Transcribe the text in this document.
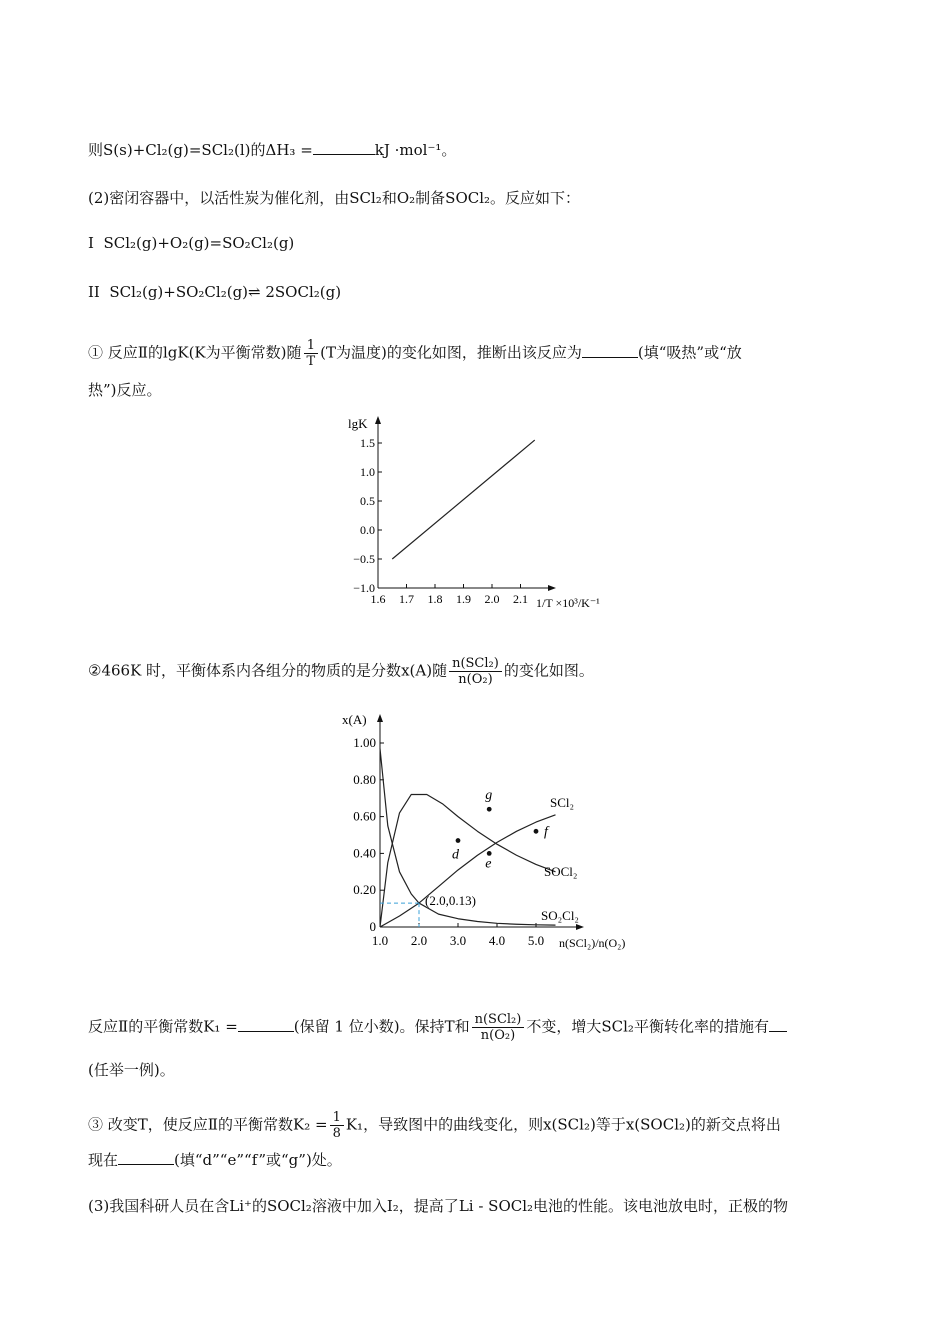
则S(s)+Cl₂(g)=SCl₂(l)的ΔH₃ =	kJ ·mol⁻¹。
(2)密闭容器中，以活性炭为催化剂，由SCl₂和O₂制备SOCl₂。反应如下：
I SCl₂(g)+O₂(g)=SO₂Cl₂(g)
II SCl₂(g)+SO₂Cl₂(g)⇌ 2SOCl₂(g)
① 反应Ⅱ的lgK(K为平衡常数)随 $\frac{1}{T} (T$为温度)的变化如图，推断出该反应为	(填“吸热”或“放
热”)反应。
−1.0
−0.5
0.0
0.5
1.0
1.5
1.6 1.7 1.8 1.9 2.0 2.1
lgK
1/T ×10³/K⁻¹
②466K 时，平衡体系内各组分的物质的是分数x(A)随 $\frac{\text{n(SCl₂)}}{\text{n(O₂)}}$ 的变化如图。
0
0.20
0.40
0.60
0.80
1.00
1.0 2.0 3.0 4.0 5.0
x(A)
n(SCl₂)/n(O₂)
SCl₂
SOCl₂
SO₂Cl₂
(2.0,0.13)
g
d
e
f
反应Ⅱ的平衡常数K₁ =	(保留 1 位小数)。保持T和 $\frac{\text{n(SCl₂)}}{\text{n(O₂)}}$ 不变，增大SCl₂平衡转化率的措施有
(任举一例)。
③ 改变T，使反应Ⅱ的平衡常数$K_2 = \frac{1}{8} K_1$，导致图中的曲线变化，则x(SCl₂)等于x(SOCl₂)的新交点将出
现在	(填“d”“e”“f”或“g”)处。
(3)我国科研人员在含Li⁺的SOCl₂溶液中加入I₂，提高了Li - SOCl₂电池的性能。该电池放电时，正极的物
